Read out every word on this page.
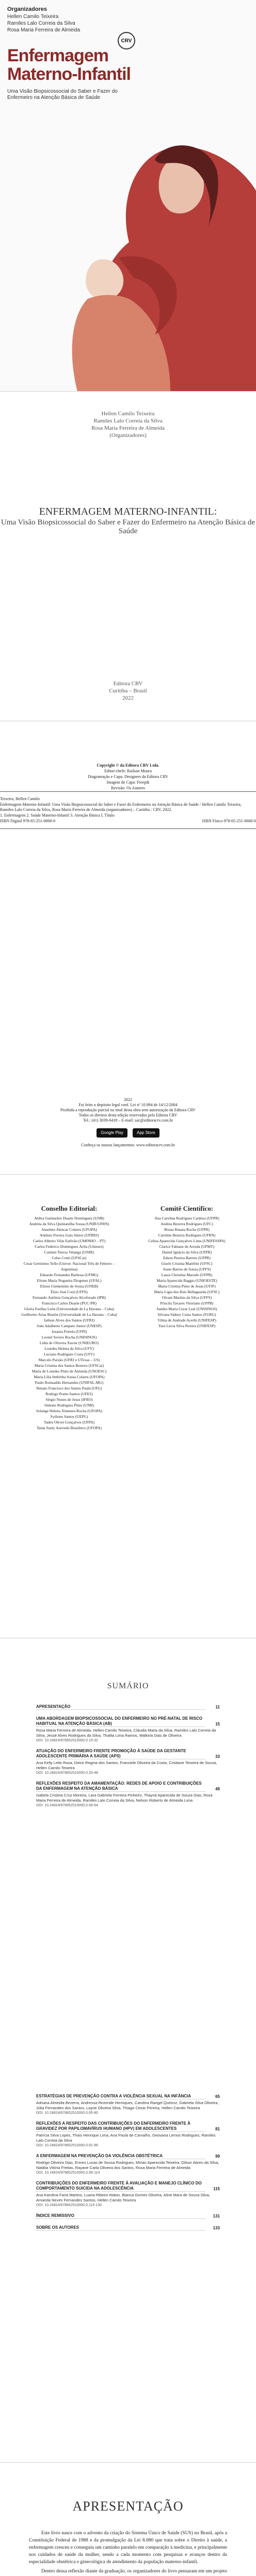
Organizadores
Hellen Camilo Teixeira
Ramiles Lalo Correia da Silva
Rosa Maria Ferreira de Almeida
CRV
Enfermagem
Materno-Infantil
Uma Visão Biopsicossocial do Saber e Fazer do Enfermeiro na Atenção Básica de Saúde
Hellen Camilo Teixeira
Ramiles Lalo Correia da Silva
Rosa Maria Ferreira de Almeida
(Organizadores)
ENFERMAGEM MATERNO-INFANTIL:
Uma Visão Biopsicossocial do Saber e Fazer do Enfermeiro na Atenção Básica de Saúde
Editora CRV
Curitiba – Brasil
2022
Copyright © da Editora CRV Ltda.
Editor-chefe: Railson Moura
Diagramação e Capa: Designers da Editora CRV
Imagem de Capa: Freepik
Revisão: Os Autores
Teixeira, Hellen Camilo
Enfermagem Materno-Infantil: Uma Visão Biopsicossocial do Saber e Fazer do Enfermeiro na Atenção Básica de Saúde / Hellen Camilo Teixeira, Ramiles Lalo Correia da Silva, Rosa Maria Ferreira de Almeida (organizadores) – Curitiba : CRV, 2022.
1. Enfermagem 2. Saúde Materno-Infantil 3. Atenção Básica I. Título
ISBN Digital 978-65-251-0000-0	ISBN Físico 978-65-251-0000-0
2022
Foi feito o depósito legal conf. Lei nº 10.994 de 14/12/2004
Proibida a reprodução parcial ou total desta obra sem autorização da Editora CRV
Todos os direitos desta edição reservados pela Editora CRV
Tel.: (41) 3039-6418 – E-mail: sac@editoracrv.com.br
Google Play	App Store
Conheça os nossos lançamentos: www.editoracrv.com.br
Conselho Editorial:
Aldira Guimarães Duarte Domínguez (UNB)
Andréia da Silva Quintanilha Sousa (UNIR/UFRN)
Anselmo Alencar Colares (UFOPA)
Antônio Pereira Gaio Júnior (UFRRJ)
Carlos Alberto Vilar Estêvão (UMINHO – PT)
Carlos Federico Dominguez Avila (Unieuro)
Carmen Tereza Velanga (UNIR)
Celso Conti (UFSCar)
Cesar Gerónimo Tello (Univer. Nacional Três de Febrero – Argentina)
Eduardo Fernandes Barbosa (UFMG)
Elione Maria Nogueira Diogenes (UFAL)
Elizeu Clementino de Souza (UNEB)
Élsio José Corá (UFFS)
Fernando Antônio Gonçalves Alcoforado (IPB)
Francisco Carlos Duarte (PUC-PR)
Gloria Fariñas León (Universidade de La Havana – Cuba)
Guillermo Arias Beatón (Universidade de La Havana – Cuba)
Jailson Alves dos Santos (UFRJ)
João Adalberto Campato Junior (UNESP)
Josania Portela (UFPI)
Leonel Severo Rocha (UNISINOS)
Lídia de Oliveira Xavier (UNIEURO)
Lourdes Helena da Silva (UFV)
Luciano Rodrigues Costa (UFV)
Marcelo Paixão (UFRJ e UTexas – US)
Maria Cristina dos Santos Bezerra (UFSCar)
Maria de Lourdes Pinto de Almeida (UNOESC)
Maria Lília Imbiriba Sousa Colares (UFOPA)
Paulo Romualdo Hernandes (UNIFAL-MG)
Renato Francisco dos Santos Paula (UFG)
Rodrigo Pratte-Santos (UFES)
Sérgio Nunes de Jesus (IFRO)
Simone Rodrigues Pinto (UNB)
Solange Helena Ximenes-Rocha (UFOPA)
Sydione Santos (UEPG)
Tadeu Oliver Gonçalves (UFPA)
Tania Suely Azevedo Brasileiro (UFOPA)
Comitê Científico:
Ana Carolina Rodrigues Cardoso (UFPR)
Andrea Bezerra Rodrigues (UFC)
Bruna Renata Rocha (UFPR)
Caroline Bezerra Rodrigues (UFRN)
Celina Aparecida Gonçalves Lima (UNIFESSPA)
Clarice Fabiane de Arruda (UFMT)
Daniel Ignácio da Silva (UFPR)
Edson Pereira Barreto (UFPR)
Gisele Cristina Manfrini (UFSC)
Jeane Barros de Souza (UFFS)
Laura Christina Macedo (UFPR)
Maria Aparecida Baggio (UNIOESTE)
Maria Cristina Pinto de Jesus (UFJF)
Maria Ligia dos Reis Bellaguarda (UFSC)
Olvani Martins da Silva (UFFS)
Priscila Tavares Vitoriano (UFPB)
Sandra Maria Cezar Leal (UNISINOS)
Silvana Sidney Costa Santos (FURG)
Vilma de Andrade Acerbi (UNIFESP)
Yara Lúcia Silva Pereira (UNIFESP)
SUMÁRIO
APRESENTAÇÃO	11
UMA ABORDAGEM BIOPSICOSSOCIAL DO ENFERMEIRO NO PRÉ-NATAL DE RISCO HABITUAL NA ATENÇÃO BÁSICA (AB)	15
Rosa Maria Ferreira de Almeida, Hellen Camilo Teixeira, Cláudia Maria da Silva, Ramiles Lalo Correia da Silva, Jessé Alves Rodrigues da Silva, Thalita Lima Ramos, Walkiria Dias de Oliveira
DOI: 10.24824/978652510000.0.15-32
ATUAÇÃO DO ENFERMEIRO FRENTE PROMOÇÃO À SAÚDE DA GESTANTE ADOLESCENTE PRIMÁRIA A SAÚDE (APS)	33
Ana Kelly Leite Rosa, Deice Regina dos Santos, Franciele Oliveira da Costa, Cristiane Teixeira de Sousa, Hellen Camilo Teixeira
DOI: 10.24824/978652510000.0.33-48
REFLEXÕES RESPEITO DA AMAMENTAÇÃO: REDES DE APOIO E CONTRIBUIÇÕES DA ENFERMAGEM NA ATENÇÃO BÁSICA	49
Isabela Cristina Cruz Moreira, Lara Gabriela Ferreira Pinheiro, Thayná Aparecida de Souza Dias, Rosa Maria Ferreira de Almeida, Ramiles Lalo Correia da Silva, Nelson Roberto de Almeida Lima
DOI: 10.24824/978652510000.0.49-64
ESTRATÉGIAS DE PREVENÇÃO CONTRA A VIOLÊNCIA SEXUAL NA INFÂNCIA	65
Adriana Almeida Bezerra, Andressa Rezende Henriques, Carolina Rangel Queiroz, Gabriela Silva Oliveira, Júlia Fernandes dos Santos, Layne Oliveira Silva, Thiago Cesar Pereira, Hellen Camilo Teixeira
DOI: 10.24824/978652510000.0.65-80
REFLEXÕES A RESPEITO DAS CONTRIBUIÇÕES DO ENFERMEIRO FRENTE À GRAVIDEZ POR PAPILOMAVÍRUS HUMANO (HPV) EM ADOLESCENTES	81
Patrícia Silva Lopes, Thaís Henrique Lima, Ana Paula de Carvalho, Geovana Lemos Rodrigues, Ramiles Lalo Correia da Silva
DOI: 10.24824/978652510000.0.81-98
A ENFERMAGEM NA PREVENÇÃO DA VIOLÊNCIA OBSTÉTRICA	99
Rodrigo Oliveira Dias, Ermes Lucas de Sousa Rodrigues, Mírian Aparecida Teixeira, Dilson Abreu da Silva, Natália Vitória Freitas, Rayane Carla Oliveira dos Santos, Rosa Maria Ferreira de Almeida
DOI: 10.24824/978652510000.0.99-114
CONTRIBUIÇÕES DO ENFERMEIRO FRENTE À AVALIAÇÃO E MANEJO CLÍNICO DO COMPORTAMENTO SUICIDA NA ADOLESCÊNCIA	115
Ana Karolina Faria Martins, Luana Ribeiro Matos, Bianca Gomes Oliveira, Aline Mara de Sousa Silva, Amanda Neves Fernandes Santos, Hellen Camilo Teixeira
DOI: 10.24824/978652510000.0.115-130
ÍNDICE REMISSIVO	131
SOBRE OS AUTORES	133
APRESENTAÇÃO

Este livro nasce com o advento da criação do Sistema Único de Saúde (SUS) no Brasil, após a Constituição Federal de 1988 e da promulgação da Lei 8.080 que trata sobre o Direito à saúde, a enfermagem cresceu e conseguiu um caminho paralelo em comparação à medicina, e principalmente nos cuidados de saúde da mulher, sendo a cada momento com pesquisas e avanços dentro da especialidade obstétrica e ginecológica de atendimento da população materno-infantil.

Dentro dessa reflexão diante da graduação, os organizadores do livro pensaram em um projeto
